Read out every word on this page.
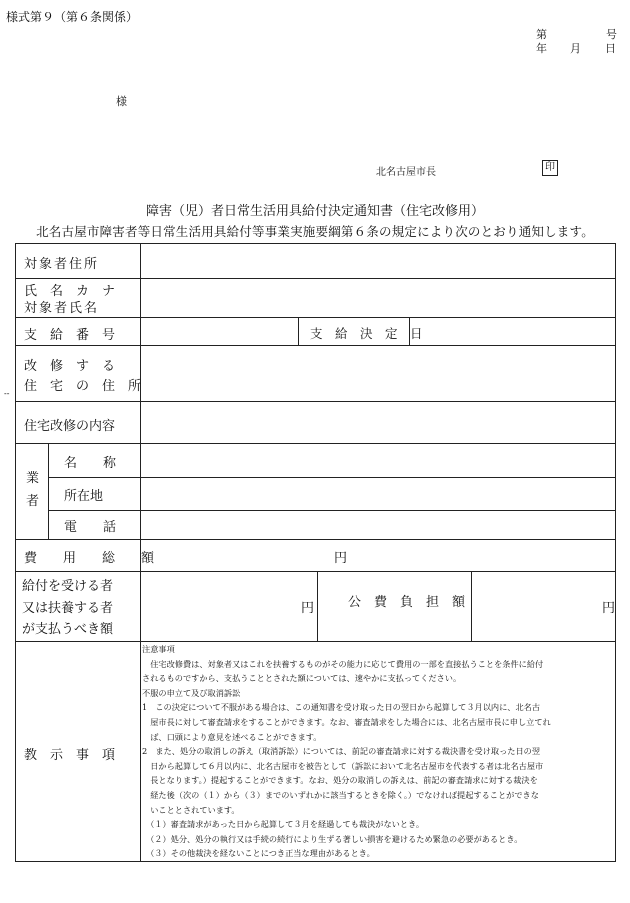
様式第９（第６条関係）
第	号
年 月 日
様
北名古屋市長	印
障害（児）者日常生活用具給付決定通知書（住宅改修用）
北名古屋市障害者等日常生活用具給付等事業実施要綱第６条の規定により次のとおり通知します。
対象者住所
氏　名　カ　ナ
対象者氏名
支　給　番　号	支　給　決　定　日
改　修　す　る
住　宅　の　住　所
住宅改修の内容
業
者
名　　称
所在地
電　　話
費　　用　　総　　額	円
給付を受ける者
又は扶養する者
が支払うべき額
円	公　費　負　担　額	円
教　示　事　項
--
注意事項
　住宅改修費は、対象者又はこれを扶養するものがその能力に応じて費用の一部を直接払うことを条件に給付
されるものですから、支払うこととされた額については、速やかに支払ってください。
不服の申立て及び取消訴訟
1　この決定について不服がある場合は、この通知書を受け取った日の翌日から起算して３月以内に、北名古
　屋市長に対して審査請求をすることができます。なお、審査請求をした場合には、北名古屋市長に申し立てれ
　ば、口頭により意見を述べることができます。
2　また、処分の取消しの訴え（取消訴訟）については、前記の審査請求に対する裁決書を受け取った日の翌
　日から起算して６月以内に、北名古屋市を被告として（訴訟において北名古屋市を代表する者は北名古屋市
　長となります。）提起することができます。なお、処分の取消しの訴えは、前記の審査請求に対する裁決を
　経た後（次の（１）から（３）までのいずれかに該当するときを除く。）でなければ提起することができな
　いこととされています。
　（１）審査請求があった日から起算して３月を経過しても裁決がないとき。
　（２）処分、処分の執行又は手続の続行により生ずる著しい損害を避けるため緊急の必要があるとき。
　（３）その他裁決を経ないことにつき正当な理由があるとき。
